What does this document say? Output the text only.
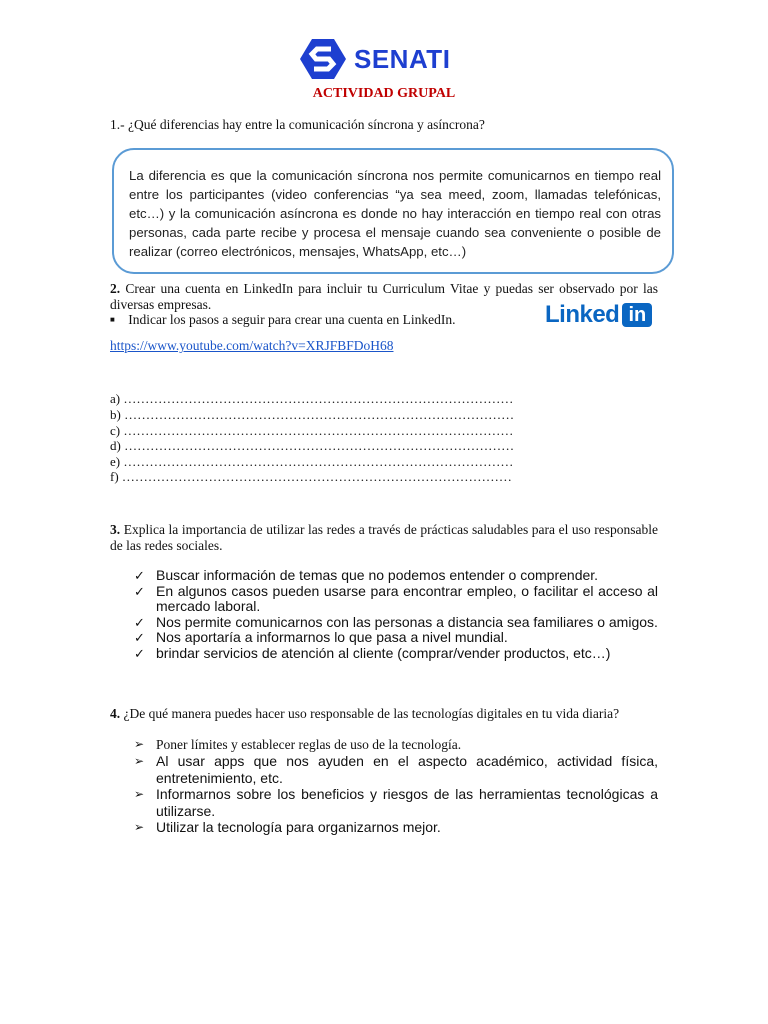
SENATI
ACTIVIDAD GRUPAL
1.- ¿Qué diferencias hay entre la comunicación síncrona y asíncrona?
La diferencia es que la comunicación síncrona nos permite comunicarnos en tiempo real entre los participantes (video conferencias “ya sea meed, zoom, llamadas telefónicas, etc…) y la comunicación asíncrona es donde no hay interacción en tiempo real con otras personas, cada parte recibe y procesa el mensaje cuando sea conveniente o posible de realizar (correo electrónicos, mensajes, WhatsApp, etc…)
2. Crear una cuenta en LinkedIn para incluir tu Curriculum Vitae y puedas ser observado por las diversas empresas.
■ Indicar los pasos a seguir para crear una cuenta en LinkedIn.	Linked in
https://www.youtube.com/watch?v=XRJFBFDoH68
a) ………………………………………………………………………………
b) ………………………………………………………………………………
c) ………………………………………………………………………………
d) ………………………………………………………………………………
e) ………………………………………………………………………………
f) ………………………………………………………………………………
3. Explica la importancia de utilizar las redes a través de prácticas saludables para el uso responsable de las redes sociales.
✓ Buscar información de temas que no podemos entender o comprender.
✓ En algunos casos pueden usarse para encontrar empleo, o facilitar el acceso al mercado laboral.
✓ Nos permite comunicarnos con las personas a distancia sea familiares o amigos.
✓ Nos aportaría a informarnos lo que pasa a nivel mundial.
✓ brindar servicios de atención al cliente (comprar/vender productos, etc…)
4. ¿De qué manera puedes hacer uso responsable de las tecnologías digitales en tu vida diaria?
➢ Poner límites y establecer reglas de uso de la tecnología.
➢ Al usar apps que nos ayuden en el aspecto académico, actividad física, entretenimiento, etc.
➢ Informarnos sobre los beneficios y riesgos de las herramientas tecnológicas a utilizarse.
➢ Utilizar la tecnología para organizarnos mejor.
